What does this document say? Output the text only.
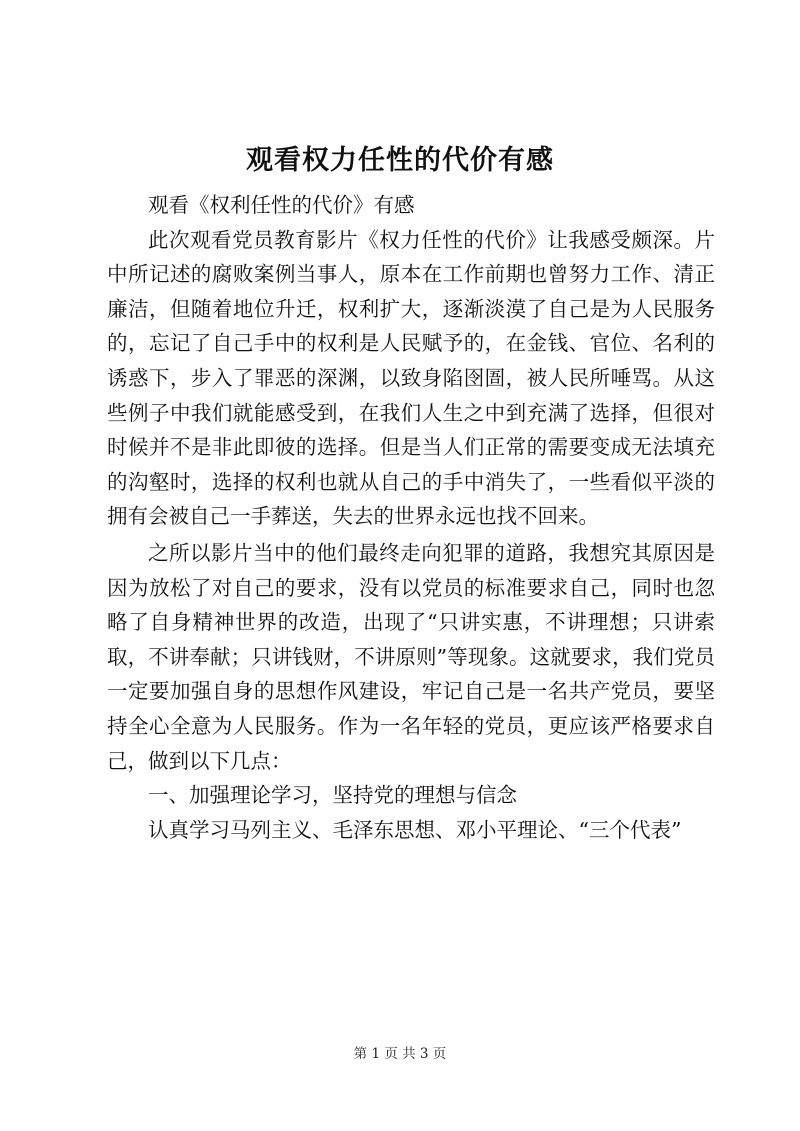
观看权力任性的代价有感

观看《权利任性的代价》有感

此次观看党员教育影片《权力任性的代价》让我感受颇深。片中所记述的腐败案例当事人，原本在工作前期也曾努力工作、清正廉洁，但随着地位升迁，权利扩大，逐渐淡漠了自己是为人民服务的，忘记了自己手中的权利是人民赋予的，在金钱、官位、名利的诱惑下，步入了罪恶的深渊，以致身陷囹圄，被人民所唾骂。从这些例子中我们就能感受到，在我们人生之中到充满了选择，但很对时候并不是非此即彼的选择。但是当人们正常的需要变成无法填充的沟壑时，选择的权利也就从自己的手中消失了，一些看似平淡的拥有会被自己一手葬送，失去的世界永远也找不回来。

之所以影片当中的他们最终走向犯罪的道路，我想究其原因是因为放松了对自己的要求，没有以党员的标准要求自己，同时也忽略了自身精神世界的改造，出现了“只讲实惠，不讲理想；只讲索取，不讲奉献；只讲钱财，不讲原则”等现象。这就要求，我们党员一定要加强自身的思想作风建设，牢记自己是一名共产党员，要坚持全心全意为人民服务。作为一名年轻的党员，更应该严格要求自己，做到以下几点：

一、加强理论学习，坚持党的理想与信念

认真学习马列主义、毛泽东思想、邓小平理论、“三个代表”

第 1 页 共 3 页
